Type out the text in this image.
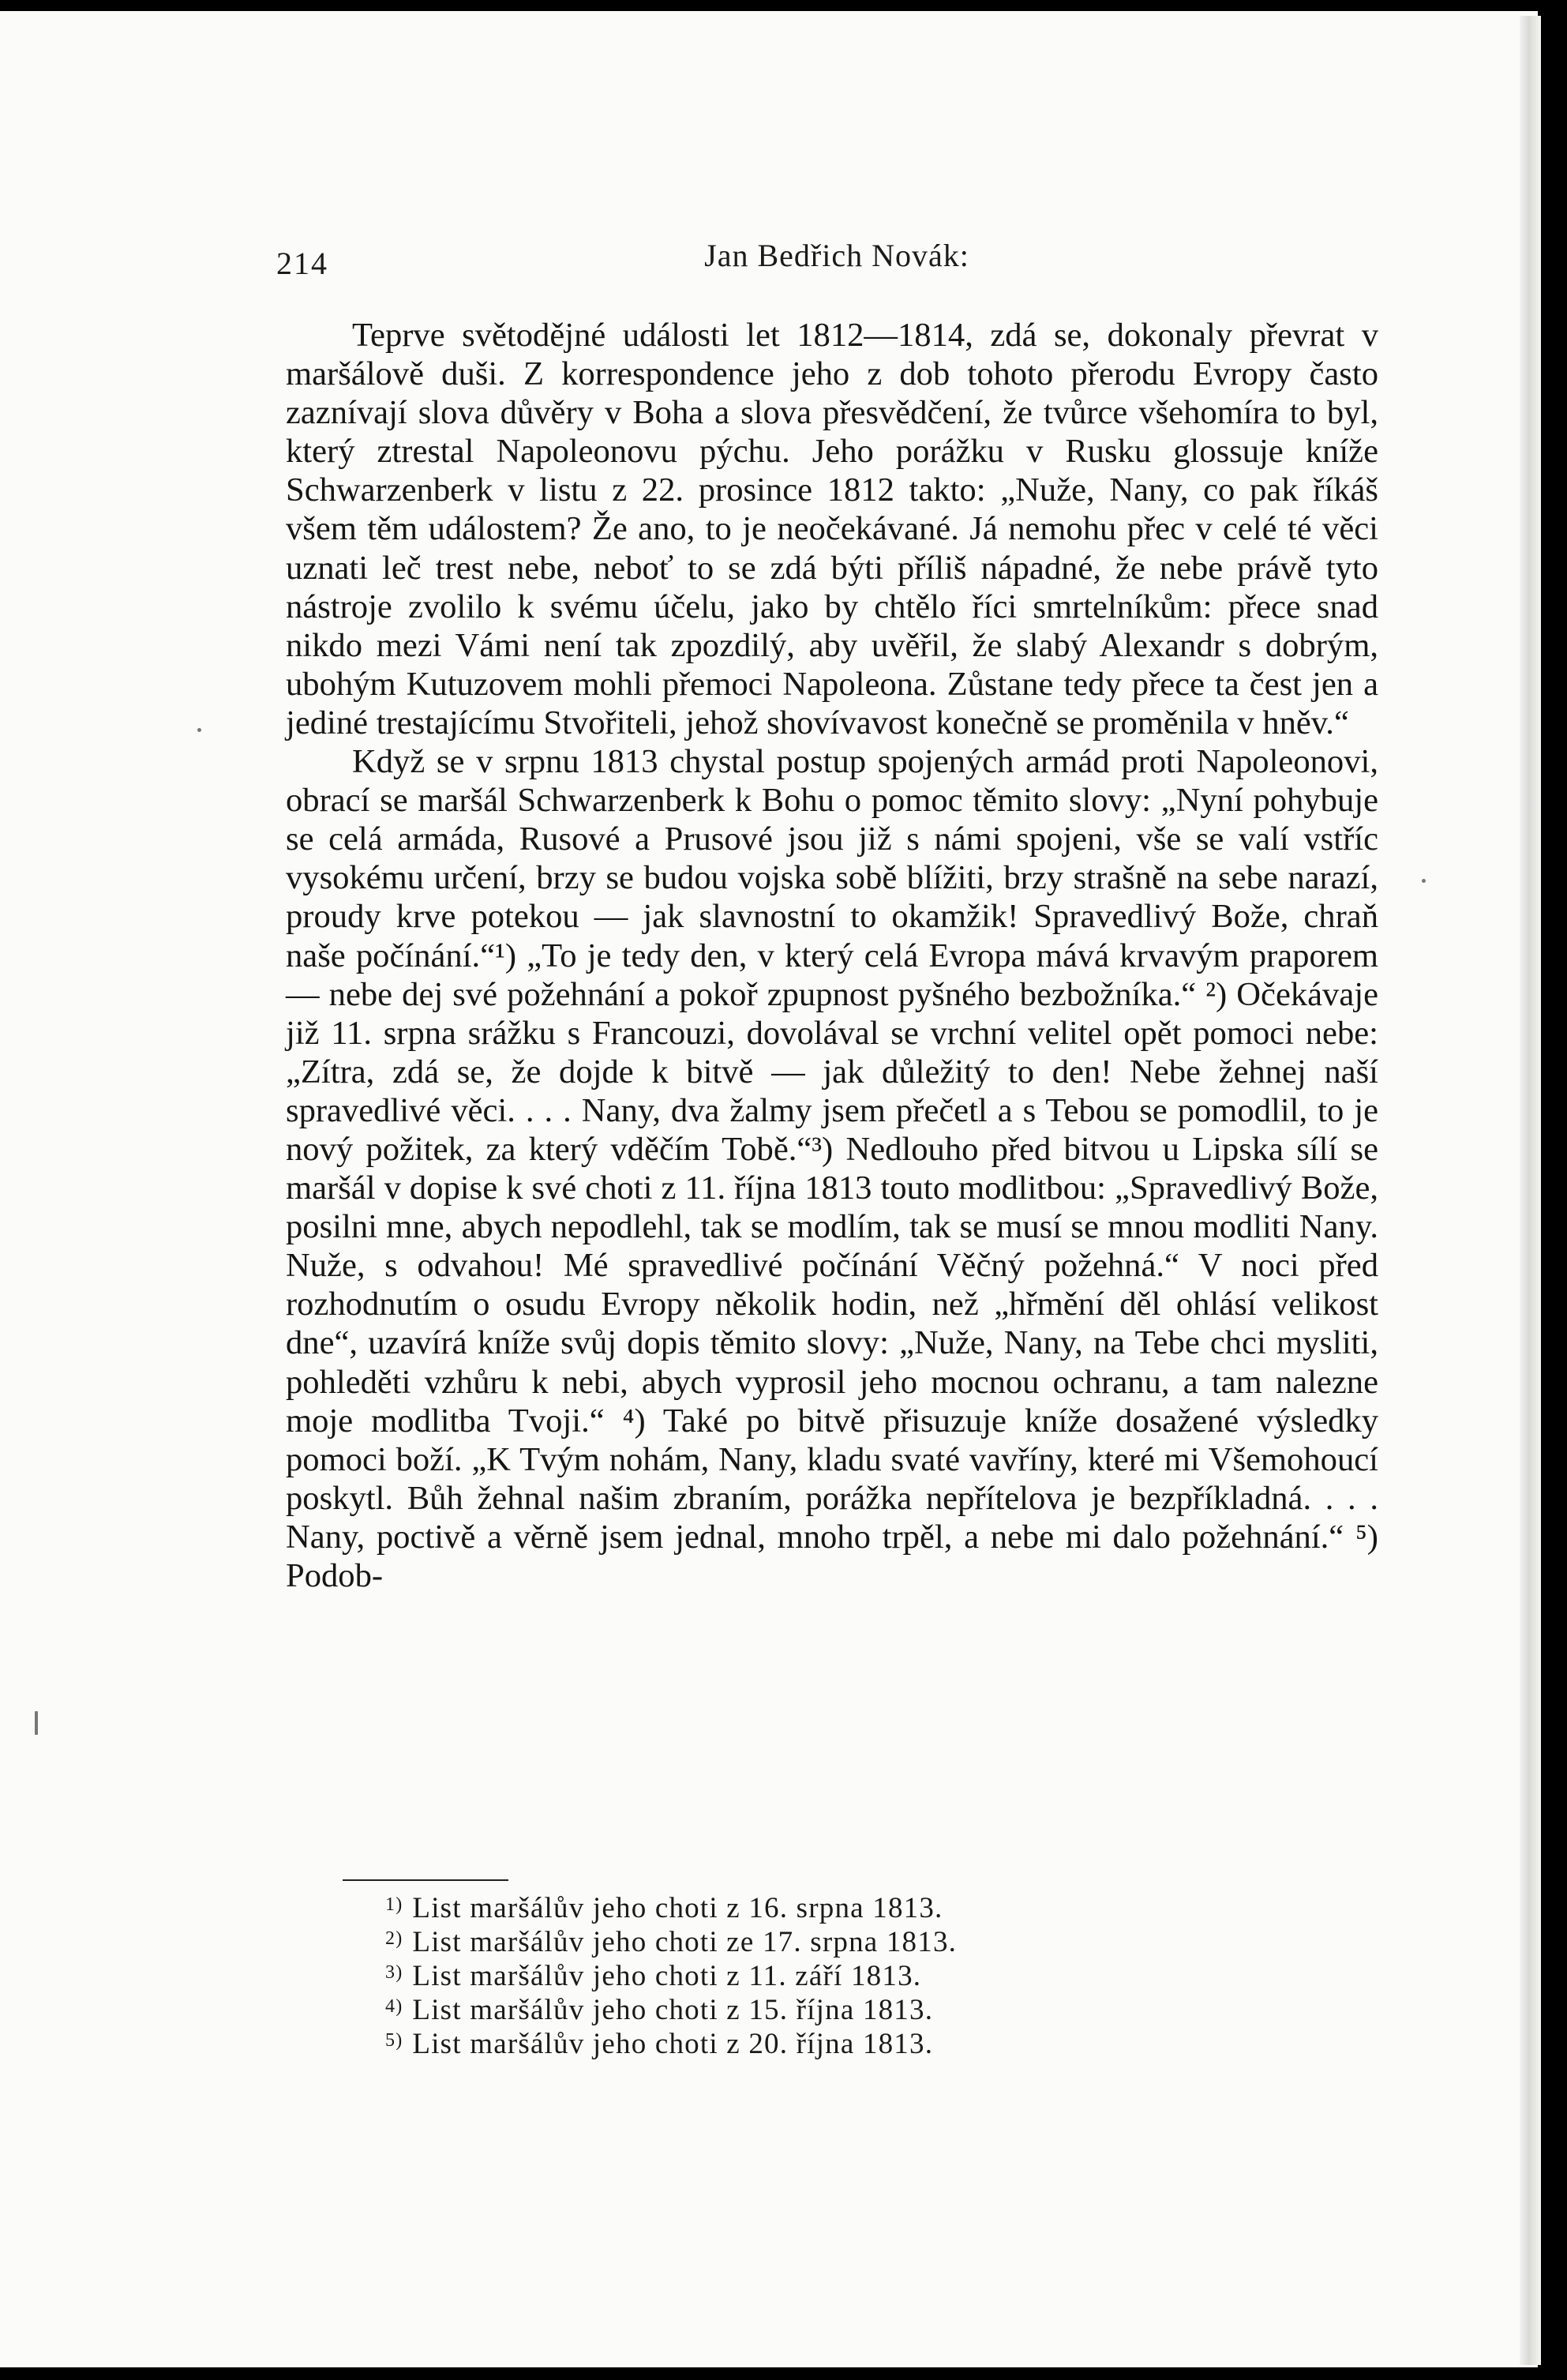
214	Jan Bedřich Novák:

Teprve světodějné události let 1812—1814, zdá se, dokonaly převrat v maršálově duši. Z korrespondence jeho z dob tohoto přerodu Evropy často zaznívají slova důvěry v Boha a slova přesvědčení, že tvůrce všehomíra to byl, který ztrestal Napoleonovu pýchu. Jeho porážku v Rusku glossuje kníže Schwarzenberk v listu z 22. prosince 1812 takto: „Nuže, Nany, co pak říkáš všem těm událostem? Že ano, to je neočekávané. Já nemohu přec v celé té věci uznati leč trest nebe, neboť to se zdá býti příliš nápadné, že nebe právě tyto nástroje zvolilo k svému účelu, jako by chtělo říci smrtelníkům: přece snad nikdo mezi Vámi není tak zpozdilý, aby uvěřil, že slabý Alexandr s dobrým, ubohým Kutuzovem mohli přemoci Napoleona. Zůstane tedy přece ta čest jen a jediné trestajícímu Stvořiteli, jehož shovívavost konečně se proměnila v hněv.“

Když se v srpnu 1813 chystal postup spojených armád proti Napoleonovi, obrací se maršál Schwarzenberk k Bohu o pomoc těmito slovy: „Nyní pohybuje se celá armáda, Rusové a Prusové jsou již s námi spojeni, vše se valí vstříc vysokému určení, brzy se budou vojska sobě blížiti, brzy strašně na sebe narazí, proudy krve potekou — jak slavnostní to okamžik! Spravedlivý Bože, chraň naše počínání.“¹) „To je tedy den, v který celá Evropa mává krvavým praporem — nebe dej své požehnání a pokoř zpupnost pyšného bezbožníka.“ ²) Očekávaje již 11. srpna srážku s Francouzi, dovolával se vrchní velitel opět pomoci nebe: „Zítra, zdá se, že dojde k bitvě — jak důležitý to den! Nebe žehnej naší spravedlivé věci. . . . Nany, dva žalmy jsem přečetl a s Tebou se pomodlil, to je nový požitek, za který vděčím Tobě.“³) Nedlouho před bitvou u Lipska sílí se maršál v dopise k své choti z 11. října 1813 touto modlitbou: „Spravedlivý Bože, posilni mne, abych nepodlehl, tak se modlím, tak se musí se mnou modliti Nany. Nuže, s odvahou! Mé spravedlivé počínání Věčný požehná.“ V noci před rozhodnutím o osudu Evropy několik hodin, než „hřmění děl ohlásí velikost dne“, uzavírá kníže svůj dopis těmito slovy: „Nuže, Nany, na Tebe chci mysliti, pohleděti vzhůru k nebi, abych vyprosil jeho mocnou ochranu, a tam nalezne moje modlitba Tvoji.“ ⁴) Také po bitvě přisuzuje kníže dosažené výsledky pomoci boží. „K Tvým nohám, Nany, kladu svaté vavříny, které mi Všemohoucí poskytl. Bůh žehnal našim zbraním, porážka nepřítelova je bezpříkladná. . . . Nany, poctivě a věrně jsem jednal, mnoho trpěl, a nebe mi dalo požehnání.“ ⁵) Podob-

$^{1)}$ List maršálův jeho choti z 16. srpna 1813.
$^{2)}$ List maršálův jeho choti ze 17. srpna 1813.
$^{3)}$ List maršálův jeho choti z 11. září 1813.
$^{4)}$ List maršálův jeho choti z 15. října 1813.
$^{5)}$ List maršálův jeho choti z 20. října 1813.
